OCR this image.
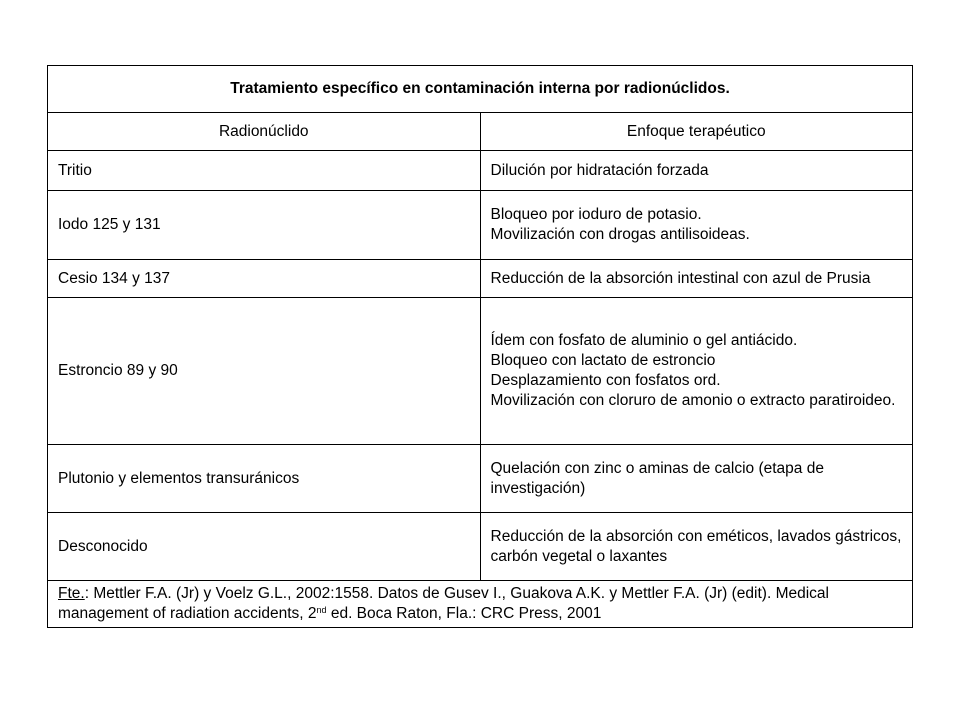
Tratamiento específico en contaminación interna por radionúclidos.	
Radionúclido	Enfoque terapéutico
Tritio	Dilución por hidratación forzada

Iodo 125 y 131	Bloqueo por ioduro de potasio.
Movilización con drogas antilisoideas.

Cesio 134 y 137	Reducción de la absorción intestinal con azul de Prusia

Estroncio 89 y 90	Ídem con fosfato de aluminio o gel antiácido.
Bloqueo con lactato de estroncio
Desplazamiento con fosfatos ord.
Movilización con cloruro de amonio o extracto paratiroideo.

Plutonio y elementos transuránicos	Quelación con zinc o aminas de calcio (etapa de investigación)

Desconocido	Reducción de la absorción con eméticos, lavados gástricos, carbón vegetal o laxantes

Fte.: Mettler F.A. (Jr) y Voelz G.L., 2002:1558. Datos de Gusev I., Guakova A.K. y Mettler F.A. (Jr) (edit). Medical management of radiation accidents, 2nd ed. Boca Raton, Fla.: CRC Press, 2001	
